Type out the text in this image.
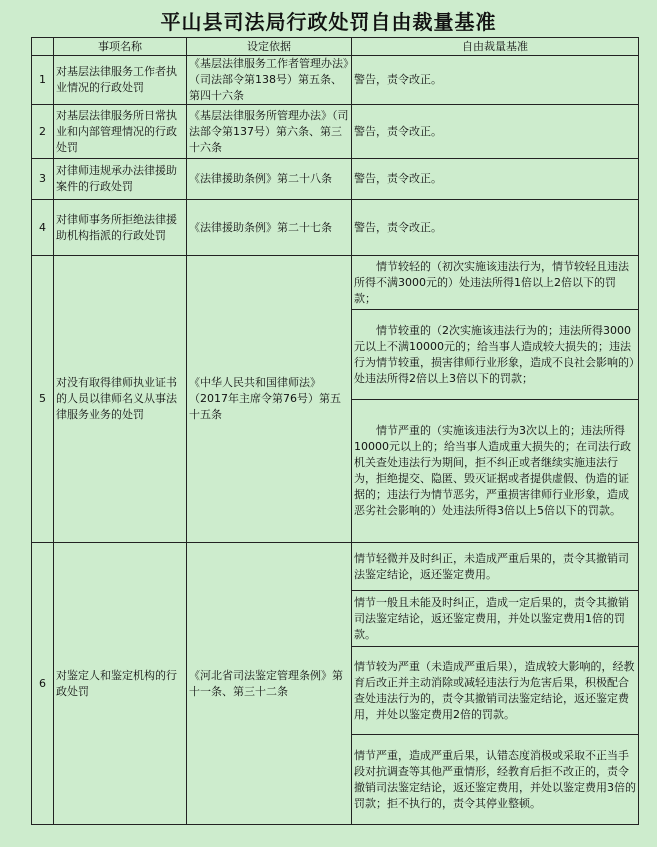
平山县司法局行政处罚自由裁量基准
	事项名称	设定依据	自由裁量基准
1	对基层法律服务工作者执业情况的行政处罚	《基层法律服务工作者管理办法》（司法部令第138号）第五条、第四十六条	警告，责令改正。
2	对基层法律服务所日常执业和内部管理情况的行政处罚	《基层法律服务所管理办法》（司法部令第137号）第六条、第三十六条	警告，责令改正。
3	对律师违规承办法律援助案件的行政处罚	《法律援助条例》第二十八条	警告，责令改正。
4	对律师事务所拒绝法律援助机构指派的行政处罚	《法律援助条例》第二十七条	警告，责令改正。
5	对没有取得律师执业证书的人员以律师名义从事法律服务业务的处罚	《中华人民共和国律师法》（2017年主席令第76号）第五十五条	情节较轻的（初次实施该违法行为，情节较轻且违法所得不满3000元的）处违法所得1倍以上2倍以下的罚款；
			情节较重的（2次实施该违法行为的；违法所得3000元以上不满10000元的；给当事人造成较大损失的；违法行为情节较重，损害律师行业形象，造成不良社会影响的）处违法所得2倍以上3倍以下的罚款；
			情节严重的（实施该违法行为3次以上的；违法所得10000元以上的；给当事人造成重大损失的；在司法行政机关查处违法行为期间，拒不纠正或者继续实施违法行为，拒绝提交、隐匿、毁灭证据或者提供虚假、伪造的证据的；违法行为情节恶劣，严重损害律师行业形象，造成恶劣社会影响的）处违法所得3倍以上5倍以下的罚款。
6	对鉴定人和鉴定机构的行政处罚	《河北省司法鉴定管理条例》第十一条、第三十二条	情节轻微并及时纠正，未造成严重后果的，责令其撤销司法鉴定结论，返还鉴定费用。
			情节一般且未能及时纠正，造成一定后果的，责令其撤销司法鉴定结论，返还鉴定费用，并处以鉴定费用1倍的罚款。
			情节较为严重（未造成严重后果），造成较大影响的，经教育后改正并主动消除或减轻违法行为危害后果，积极配合查处违法行为的，责令其撤销司法鉴定结论，返还鉴定费用，并处以鉴定费用2倍的罚款。
			情节严重，造成严重后果，认错态度消极或采取不正当手段对抗调查等其他严重情形，经教育后拒不改正的，责令撤销司法鉴定结论，返还鉴定费用，并处以鉴定费用3倍的罚款；拒不执行的，责令其停业整顿。
